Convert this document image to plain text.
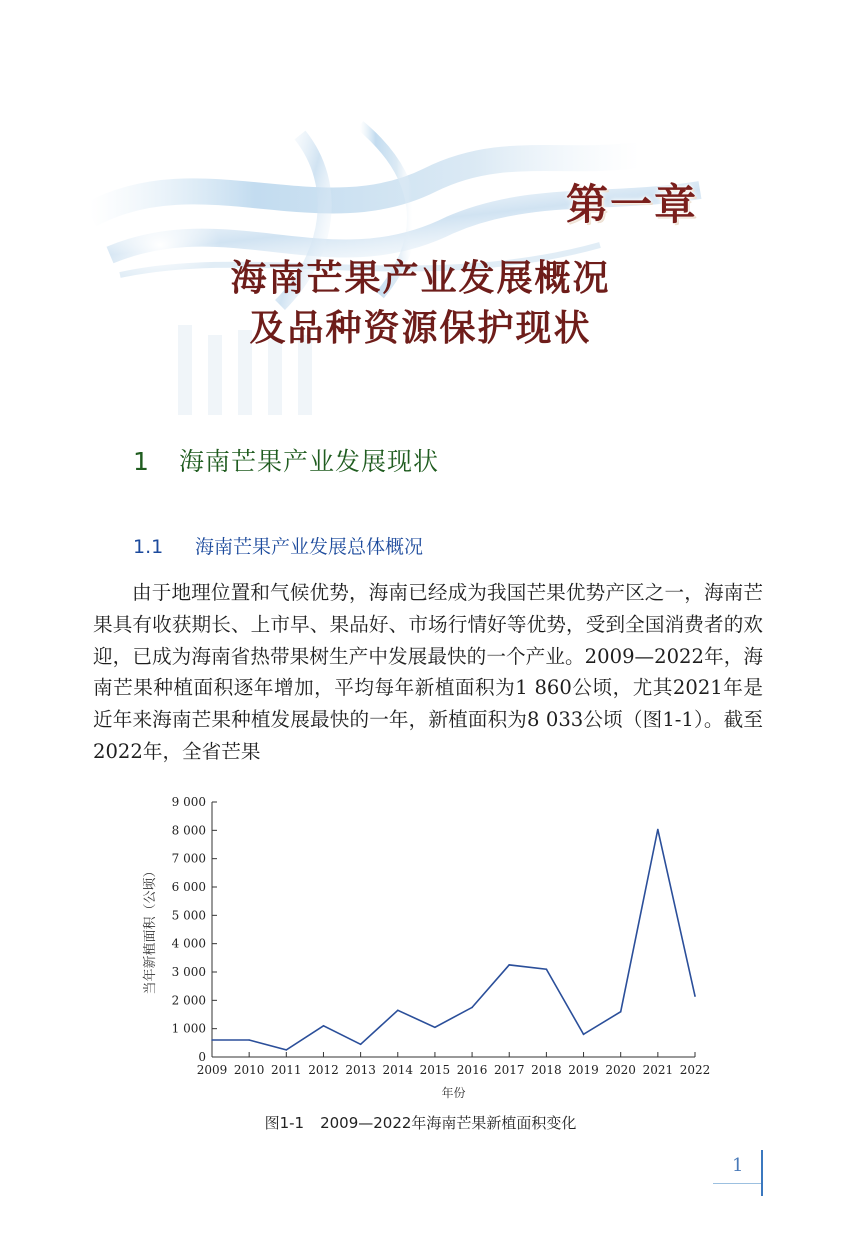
第一章
海南芒果产业发展概况
及品种资源保护现状
1 海南芒果产业发展现状
1.1 海南芒果产业发展总体概况

由于地理位置和气候优势，海南已经成为我国芒果优势产区之一，海南芒果具有收获期长、上市早、果品好、市场行情好等优势，受到全国消费者的欢迎，已成为海南省热带果树生产中发展最快的一个产业。2009—2022年，海南芒果种植面积逐年增加，平均每年新植面积为1 860公顷，尤其2021年是近年来海南芒果种植发展最快的一年，新植面积为8 033公顷（图1-1）。截至2022年，全省芒果

0
1 000
2 000
3 000
4 000
5 000
6 000
7 000
8 000
9 000
2009 2010 2011 2012 2013 2014 2015 2016 2017 2018 2019 2020 2021 2022
年份
当年新植面积（公顷）
图1-1 2009—2022年海南芒果新植面积变化
1
